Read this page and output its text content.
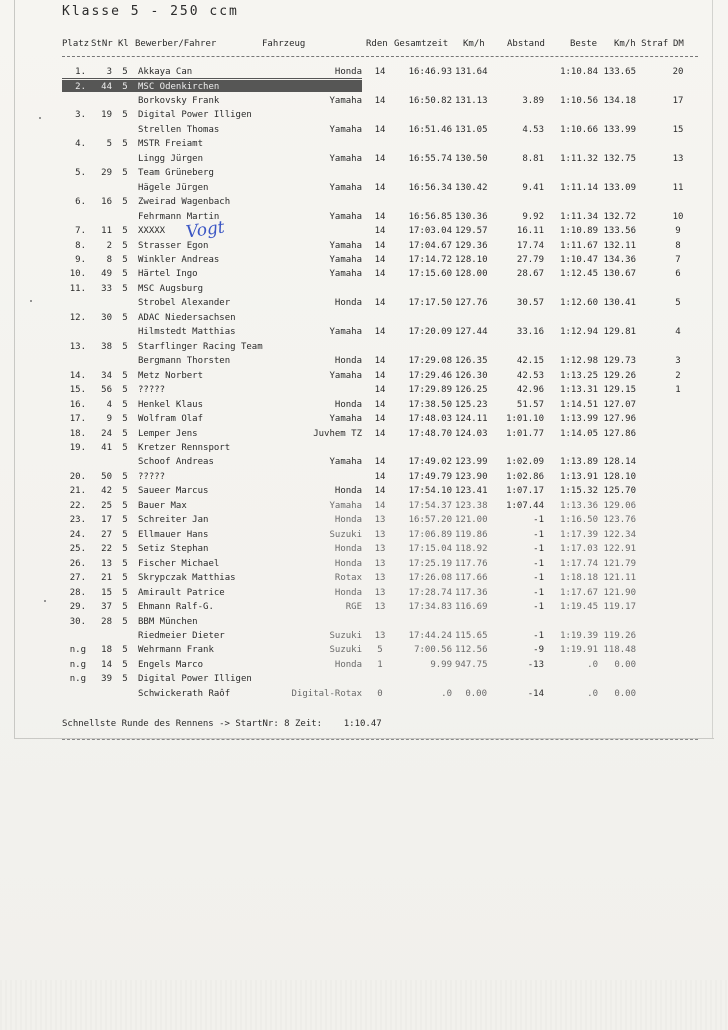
Klasse 5 - 250 ccm
Platz StNr Kl Bewerber/Fahrer	Fahrzeug	Rden Gesamtzeit Km/h Abstand	Beste Km/h Straf DM
1.	3	5	Akkaya Can	Honda	14	16:46.93 131.64	1:10.84 133.65	20
2.	44	5	MSC Odenkirchen
Borkovsky Frank	Yamaha	14	16:50.82 131.13	3.89	1:10.56 134.18	17
3.	19	5	Digital Power Illigen
Strellen Thomas	Yamaha	14	16:51.46 131.05	4.53	1:10.66 133.99	15
4.	5	5	MSTR Freiamt
Lingg Jürgen	Yamaha	14	16:55.74 130.50	8.81	1:11.32 132.75	13
5.	29	5	Team Grüneberg
Hägele Jürgen	Yamaha	14	16:56.34 130.42	9.41	1:11.14 133.09	11
6.	16	5	Zweirad Wagenbach
Fehrmann Martin	Yamaha	14	16:56.85 130.36	9.92	1:11.34 132.72	10
7.	11	5	XXXXX	14	17:03.04 129.57	16.11	1:10.89 133.56	9
8.	2	5	Strasser Egon	Yamaha	14	17:04.67 129.36	17.74	1:11.67 132.11	8
9.	8	5	Winkler Andreas	Yamaha	14	17:14.72 128.10	27.79	1:10.47 134.36	7
10.	49	5	Härtel Ingo	Yamaha	14	17:15.60 128.00	28.67	1:12.45 130.67	6
11.	33	5	MSC Augsburg
Strobel Alexander	Honda	14	17:17.50 127.76	30.57	1:12.60 130.41	5
12.	30	5	ADAC Niedersachsen
Hilmstedt Matthias	Yamaha	14	17:20.09 127.44	33.16	1:12.94 129.81	4
13.	38	5	Starflinger Racing Team
Bergmann Thorsten	Honda	14	17:29.08 126.35	42.15	1:12.98 129.73	3
14.	34	5	Metz Norbert	Yamaha	14	17:29.46 126.30	42.53	1:13.25 129.26	2
15.	56	5	?????	14	17:29.89 126.25	42.96	1:13.31 129.15	1
16.	4	5	Henkel Klaus	Honda	14	17:38.50 125.23	51.57	1:14.51 127.07
17.	9	5	Wolfram Olaf	Yamaha	14	17:48.03 124.11	1:01.10	1:13.99 127.96
18.	24	5	Lemper Jens	Juvhem TZ	14	17:48.70 124.03	1:01.77	1:14.05 127.86
19.	41	5	Kretzer Rennsport
Schoof Andreas	Yamaha	14	17:49.02 123.99	1:02.09	1:13.89 128.14
20.	50	5	?????	14	17:49.79 123.90	1:02.86	1:13.91 128.10
21.	42	5	Saueer Marcus	Honda	14	17:54.10 123.41	1:07.17	1:15.32 125.70
22.	25	5	Bauer Max	Yamaha	14	17:54.37 123.38	1:07.44	1:13.36 129.06
23.	17	5	Schreiter Jan	Honda	13	16:57.20 121.00	-1	1:16.50 123.76
24.	27	5	Ellmauer Hans	Suzuki	13	17:06.89 119.86	-1	1:17.39 122.34
25.	22	5	Setiz Stephan	Honda	13	17:15.04 118.92	-1	1:17.03 122.91
26.	13	5	Fischer Michael	Honda	13	17:25.19 117.76	-1	1:17.74 121.79
27.	21	5	Skrypczak Matthias	Rotax	13	17:26.08 117.66	-1	1:18.18 121.11
28.	15	5	Amirault Patrice	Honda	13	17:28.74 117.36	-1	1:17.67 121.90
29.	37	5	Ehmann Ralf-G.	RGE	13	17:34.83 116.69	-1	1:19.45 119.17
30.	28	5	BBM München
Riedmeier Dieter	Suzuki	13	17:44.24 115.65	-1	1:19.39 119.26
n.g	18	5	Wehrmann Frank	Suzuki	5	7:00.56 112.56	-9	1:19.91 118.48
n.g	14	5	Engels Marco	Honda	1	9.99 947.75	-13	.0	0.00
n.g	39	5	Digital Power Illigen
Schwickerath Raôf	Digital-Rotax	0	.0	0.00	-14	.0	0.00
Vogt
Schnellste Runde des Rennens -> StartNr: 8 Zeit:    1:10.47
